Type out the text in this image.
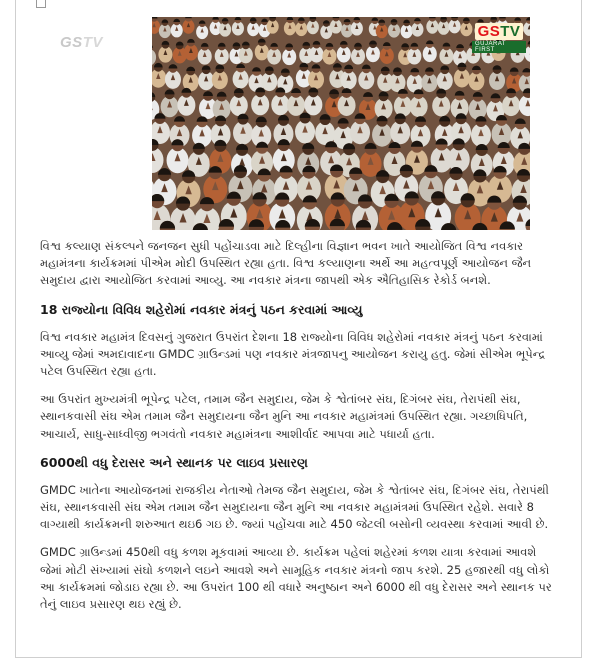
GS TV
GSTV
GUJARAT FIRST

વિશ્વ કલ્યાણ સંકલ્પને જનજન સુધી પહોંચાડવા માટે દિલ્હીના વિજ્ઞાન ભવન ખાતે આયોજિત વિશ્વ નવકાર મહામંત્રના કાર્યક્રમમાં પીએમ મોદી ઉપસ્થિત રહ્યા હતા. વિશ્વ કલ્યાણના અર્થે આ મહત્વપૂર્ણ આયોજન જૈન સમુદાય દ્વારા આયોજિત કરવામાં આવ્યુ. આ નવકાર મંત્રના જાપથી એક ઐતિહાસિક રેકોર્ડ બનશે.

18 રાજ્યોના વિવિધ શહેરોમાં નવકાર મંત્રનું પઠન કરવામાં આવ્યુ

વિશ્વ નવકાર મહામંત્ર દિવસનું ગુજરાત ઉપરાંત દેશના 18 રાજ્યોના વિવિધ શહેરોમાં નવકાર મંત્રનું પઠન કરવામાં આવ્યુ જેમાં અમદાવાદના GMDC ગ્રાઉન્ડમાં પણ નવકાર મંત્રજાપનુ આયોજન કરાયુ હતુ. જેમાં સીએમ ભૂપેન્દ્ર પટેલ ઉપસ્થિત રહ્યા હતા.

આ ઉપરાંત મુખ્યમંત્રી ભૂપેન્દ્ર પટેલ, તમામ જૈન સમુદાય, જેમ કે શ્વેતાંબર સંઘ, દિગંબર સંઘ, તેરાપંથી સંઘ, સ્થાનકવાસી સંઘ એમ તમામ જૈન સમુદાયના જૈન મુનિ આ નવકાર મહામંત્રમાં ઉપસ્થિત રહ્યા. ગચ્છાધિપતિ, આચાર્ય, સાધુ-સાધ્વીજી ભગવંતો નવકાર મહામંત્રના આશીર્વાદ આપવા માટે પધાર્યા હતા.

6000થી વધુ દેરાસર અને સ્થાનક પર લાઇવ પ્રસારણ

GMDC ખાતેના આયોજનમાં રાજકીય નેતાઓ તેમજ જૈન સમુદાય, જેમ કે શ્વેતાંબર સંઘ, દિગંબર સંઘ, તેરાપંથી સંઘ, સ્થાનકવાસી સંઘ એમ તમામ જૈન સમુદાયના જૈન મુનિ આ નવકાર મહામંત્રમાં ઉપસ્થિત રહેશે. સવારે 8 વાગ્યાથી કાર્યક્રમની શરુઆત થઇ6 ગઇ છે. જ્યાં પહોંચવા માટે 450 જેટલી બસોની વ્યવસ્થા કરવામાં આવી છે.

GMDC ગ્રાઉન્ડમાં 450થી વધુ કળશ મૂકવામાં આવ્યા છે. કાર્યક્રમ પહેલાં શહેરમાં કળશ યાત્રા કરવામાં આવશે જેમાં મોટી સંખ્યામાં સંઘો કળશને લઇને આવશે અને સામૂહિક નવકાર મંત્રનો જાપ કરશે. 25 હજારથી વધુ લોકો આ કાર્યક્રમમાં જોડાઇ રહ્યા છે. આ ઉપરાંત 100 થી વધારે અનુષ્ઠાન અને 6000 થી વધુ દેરાસર અને સ્થાનક પર તેનું લાઇવ પ્રસારણ થઇ રહ્યું છે.
